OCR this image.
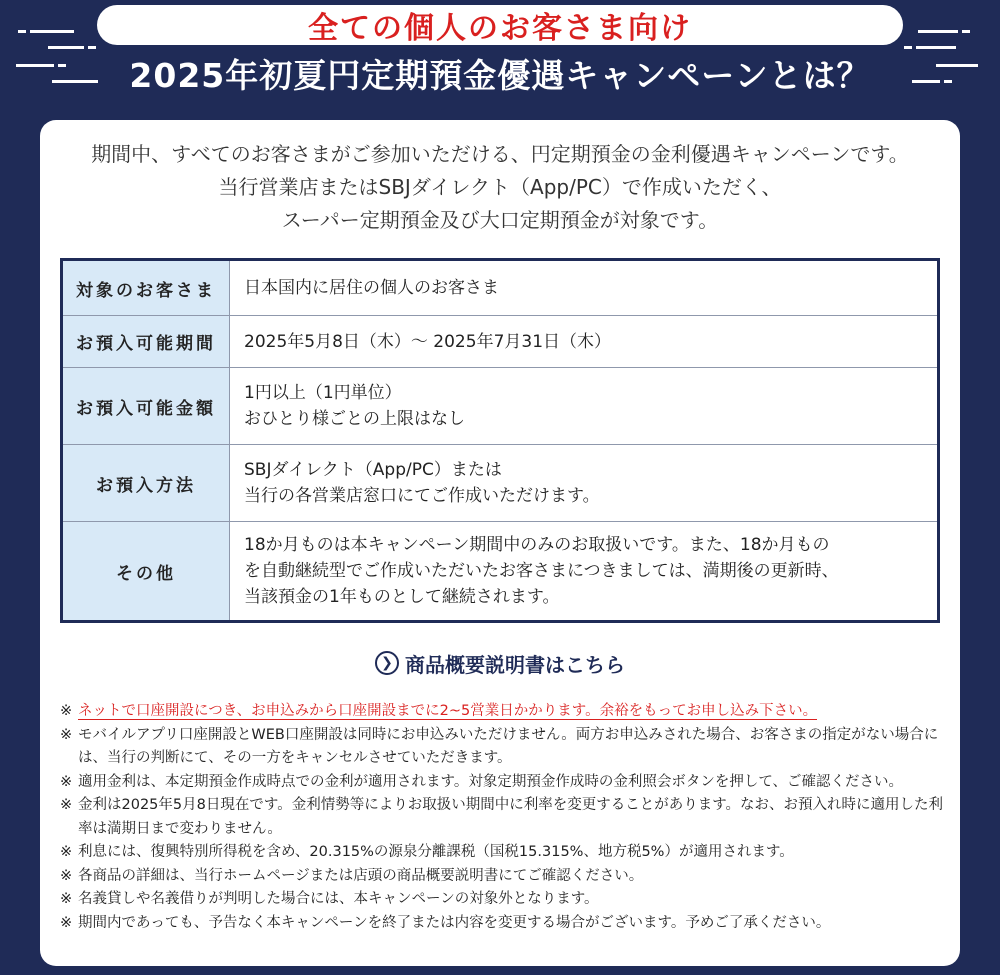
全ての個人のお客さま向け
2025年初夏円定期預金優遇キャンペーンとは？
期間中、すべてのお客さまがご参加いただける、円定期預金の金利優遇キャンペーンです。
当行営業店またはSBJダイレクト（App/PC）で作成いただく、
スーパー定期預金及び大口定期預金が対象です。
対象のお客さま	日本国内に居住の個人のお客さま

お預入可能期間	2025年5月8日（木）～ 2025年7月31日（木）

お預入可能金額	1円以上（1円単位）
おひとり様ごとの上限はなし

お預入方法	SBJダイレクト（App/PC）または
当行の各営業店窓口にてご作成いただけます。

その他	18か月ものは本キャンペーン期間中のみのお取扱いです。また、18か月もの
を自動継続型でご作成いただいたお客さまにつきましては、満期後の更新時、
当該預金の1年ものとして継続されます。
❯ 商品概要説明書はこちら
※ ネットで口座開設につき、お申込みから口座開設までに2~5営業日かかります。余裕をもってお申し込み下さい。
※ モバイルアプリ口座開設とWEB口座開設は同時にお申込みいただけません。両方お申込みされた場合、お客さまの指定がない場合には、当行の判断にて、その一方をキャンセルさせていただきます。
※ 適用金利は、本定期預金作成時点での金利が適用されます。対象定期預金作成時の金利照会ボタンを押して、ご確認ください。
※ 金利は2025年5月8日現在です。金利情勢等によりお取扱い期間中に利率を変更することがあります。なお、お預入れ時に適用した利率は満期日まで変わりません。
※ 利息には、復興特別所得税を含め、20.315%の源泉分離課税（国税15.315%、地方税5%）が適用されます。
※ 各商品の詳細は、当行ホームページまたは店頭の商品概要説明書にてご確認ください。
※ 名義貸しや名義借りが判明した場合には、本キャンペーンの対象外となります。
※ 期間内であっても、予告なく本キャンペーンを終了または内容を変更する場合がございます。予めご了承ください。
